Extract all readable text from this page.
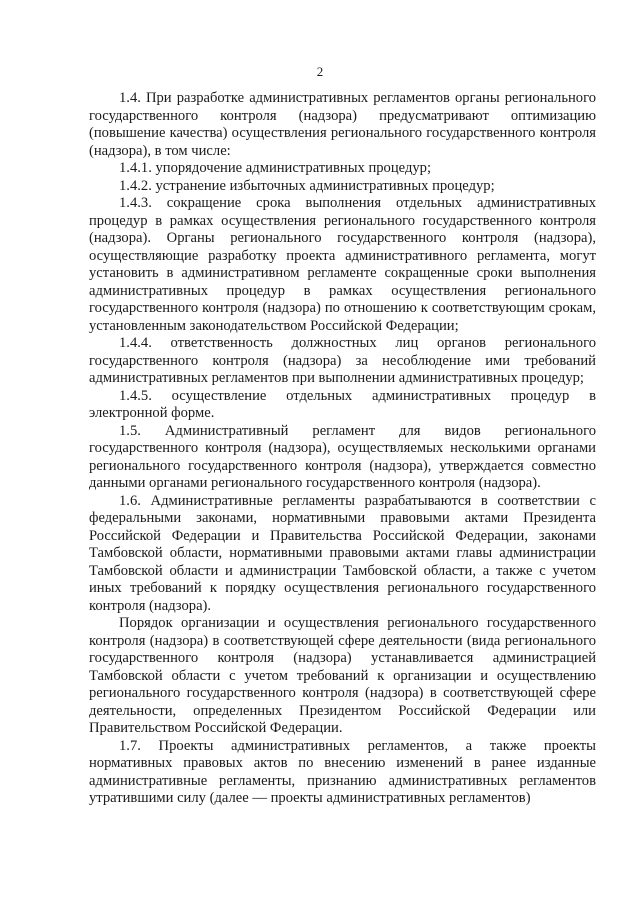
2

1.4. При разработке административных регламентов органы регионального государственного контроля (надзора) предусматривают оптимизацию (повышение качества) осуществления регионального государственного контроля (надзора), в том числе:

1.4.1. упорядочение административных процедур;

1.4.2. устранение избыточных административных процедур;

1.4.3. сокращение срока выполнения отдельных административных процедур в рамках осуществления регионального государственного контроля (надзора). Органы регионального государственного контроля (надзора), осуществляющие разработку проекта административного регламента, могут установить в административном регламенте сокращенные сроки выполнения административных процедур в рамках осуществления регионального государственного контроля (надзора) по отношению к соответствующим срокам, установленным законодательством Российской Федерации;

1.4.4. ответственность должностных лиц органов регионального государственного контроля (надзора) за несоблюдение ими требований административных регламентов при выполнении административных процедур;

1.4.5. осуществление отдельных административных процедур в электронной форме.

1.5. Административный регламент для видов регионального государственного контроля (надзора), осуществляемых несколькими органами регионального государственного контроля (надзора), утверждается совместно данными органами регионального государственного контроля (надзора).

1.6. Административные регламенты разрабатываются в соответствии с федеральными законами, нормативными правовыми актами Президента Российской Федерации и Правительства Российской Федерации, законами Тамбовской области, нормативными правовыми актами главы администрации Тамбовской области и администрации Тамбовской области, а также с учетом иных требований к порядку осуществления регионального государственного контроля (надзора).

Порядок организации и осуществления регионального государственного контроля (надзора) в соответствующей сфере деятельности (вида регионального государственного контроля (надзора) устанавливается администрацией Тамбовской области с учетом требований к организации и осуществлению регионального государственного контроля (надзора) в соответствующей сфере деятельности, определенных Президентом Российской Федерации или Правительством Российской Федерации.

1.7. Проекты административных регламентов, а также проекты нормативных правовых актов по внесению изменений в ранее изданные административные регламенты, признанию административных регламентов утратившими силу (далее — проекты административных регламентов)
